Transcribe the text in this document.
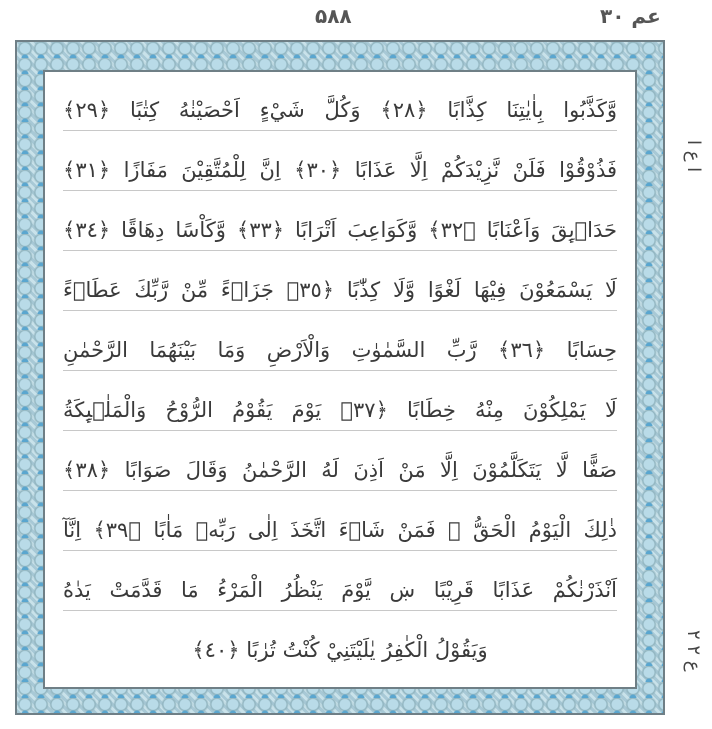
۵۸۸	عم ۳۰
وَّكَذَّبُوا بِاٰيٰتِنَا كِذَّابًا ﴿٢٨﴾ وَكُلَّ شَيْءٍ اَحْصَيْنٰهُ كِتٰبًا ﴿٢٩﴾
فَذُوْقُوْا فَلَنْ نَّزِيْدَكُمْ اِلَّا عَذَابًا ﴿٣٠﴾ اِنَّ لِلْمُتَّقِيْنَ مَفَازًا ﴿٣١﴾
حَدَاۗىِٕقَ وَاَعْنَابًا ﴿٣٢﴾ وَّكَوَاعِبَ اَتْرَابًا ﴿٣٣﴾ وَّكَاْسًا دِهَاقًا ﴿٣٤﴾
لَا يَسْمَعُوْنَ فِيْهَا لَغْوًا وَّلَا كِذّٰبًا ﴿٣٥﴾ جَزَاۗءً مِّنْ رَّبِّكَ عَطَاۗءً
حِسَابًا ﴿٣٦﴾ رَّبِّ السَّمٰوٰتِ وَالْاَرْضِ وَمَا بَيْنَهُمَا الرَّحْمٰنِ
لَا يَمْلِكُوْنَ مِنْهُ خِطَابًا ﴿٣٧﴾ يَوْمَ يَقُوْمُ الرُّوْحُ وَالْمَلٰۗىِٕكَةُ
صَفًّا لَّا يَتَكَلَّمُوْنَ اِلَّا مَنْ اَذِنَ لَهُ الرَّحْمٰنُ وَقَالَ صَوَابًا ﴿٣٨﴾
ذٰلِكَ الْيَوْمُ الْحَقُّ ۚ فَمَنْ شَاۗءَ اتَّخَذَ اِلٰى رَبِّهٖ مَاٰبًا ﴿٣٩﴾ اِنَّآ
اَنْذَرْنٰكُمْ عَذَابًا قَرِيْبًا ښ يَّوْمَ يَنْظُرُ الْمَرْءُ مَا قَدَّمَتْ يَدٰهُ
وَيَقُوْلُ الْكٰفِرُ يٰلَيْتَنِيْ كُنْتُ تُرٰبًا ﴿٤٠﴾
ا ع ا
۲ ع ۲
